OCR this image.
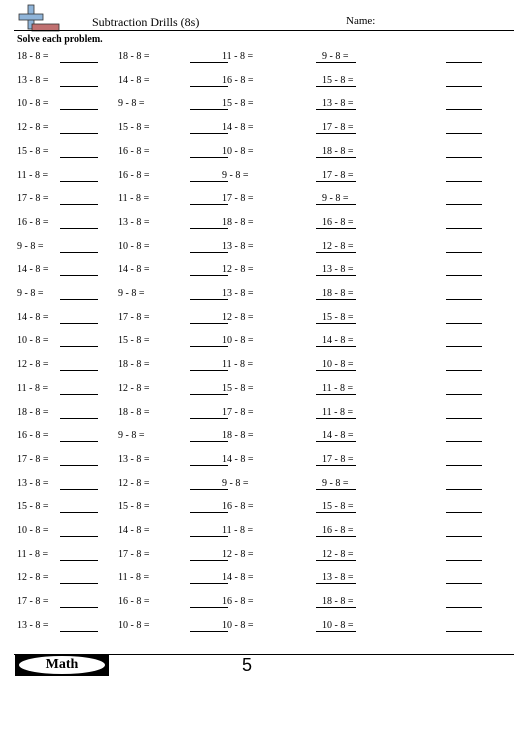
Subtraction Drills (8s)	Name:
Solve each problem.
18 - 8 =
13 - 8 =
10 - 8 =
12 - 8 =
15 - 8 =
11 - 8 =
17 - 8 =
16 - 8 =
9 - 8 =
14 - 8 =
9 - 8 =
14 - 8 =
10 - 8 =
12 - 8 =
11 - 8 =
18 - 8 =
16 - 8 =
17 - 8 =
13 - 8 =
15 - 8 =
10 - 8 =
11 - 8 =
12 - 8 =
17 - 8 =
13 - 8 =
18 - 8 =
14 - 8 =
9 - 8 =
15 - 8 =
16 - 8 =
16 - 8 =
11 - 8 =
13 - 8 =
10 - 8 =
14 - 8 =
9 - 8 =
17 - 8 =
15 - 8 =
18 - 8 =
12 - 8 =
18 - 8 =
9 - 8 =
13 - 8 =
12 - 8 =
15 - 8 =
14 - 8 =
17 - 8 =
11 - 8 =
16 - 8 =
10 - 8 =
11 - 8 =
16 - 8 =
15 - 8 =
14 - 8 =
10 - 8 =
9 - 8 =
17 - 8 =
18 - 8 =
13 - 8 =
12 - 8 =
13 - 8 =
12 - 8 =
10 - 8 =
11 - 8 =
15 - 8 =
17 - 8 =
18 - 8 =
14 - 8 =
9 - 8 =
16 - 8 =
11 - 8 =
12 - 8 =
14 - 8 =
16 - 8 =
10 - 8 =
9 - 8 =
15 - 8 =
13 - 8 =
17 - 8 =
18 - 8 =
17 - 8 =
9 - 8 =
16 - 8 =
12 - 8 =
13 - 8 =
18 - 8 =
15 - 8 =
14 - 8 =
10 - 8 =
11 - 8 =
11 - 8 =
14 - 8 =
17 - 8 =
9 - 8 =
15 - 8 =
16 - 8 =
12 - 8 =
13 - 8 =
18 - 8 =
10 - 8 =
Math	5
